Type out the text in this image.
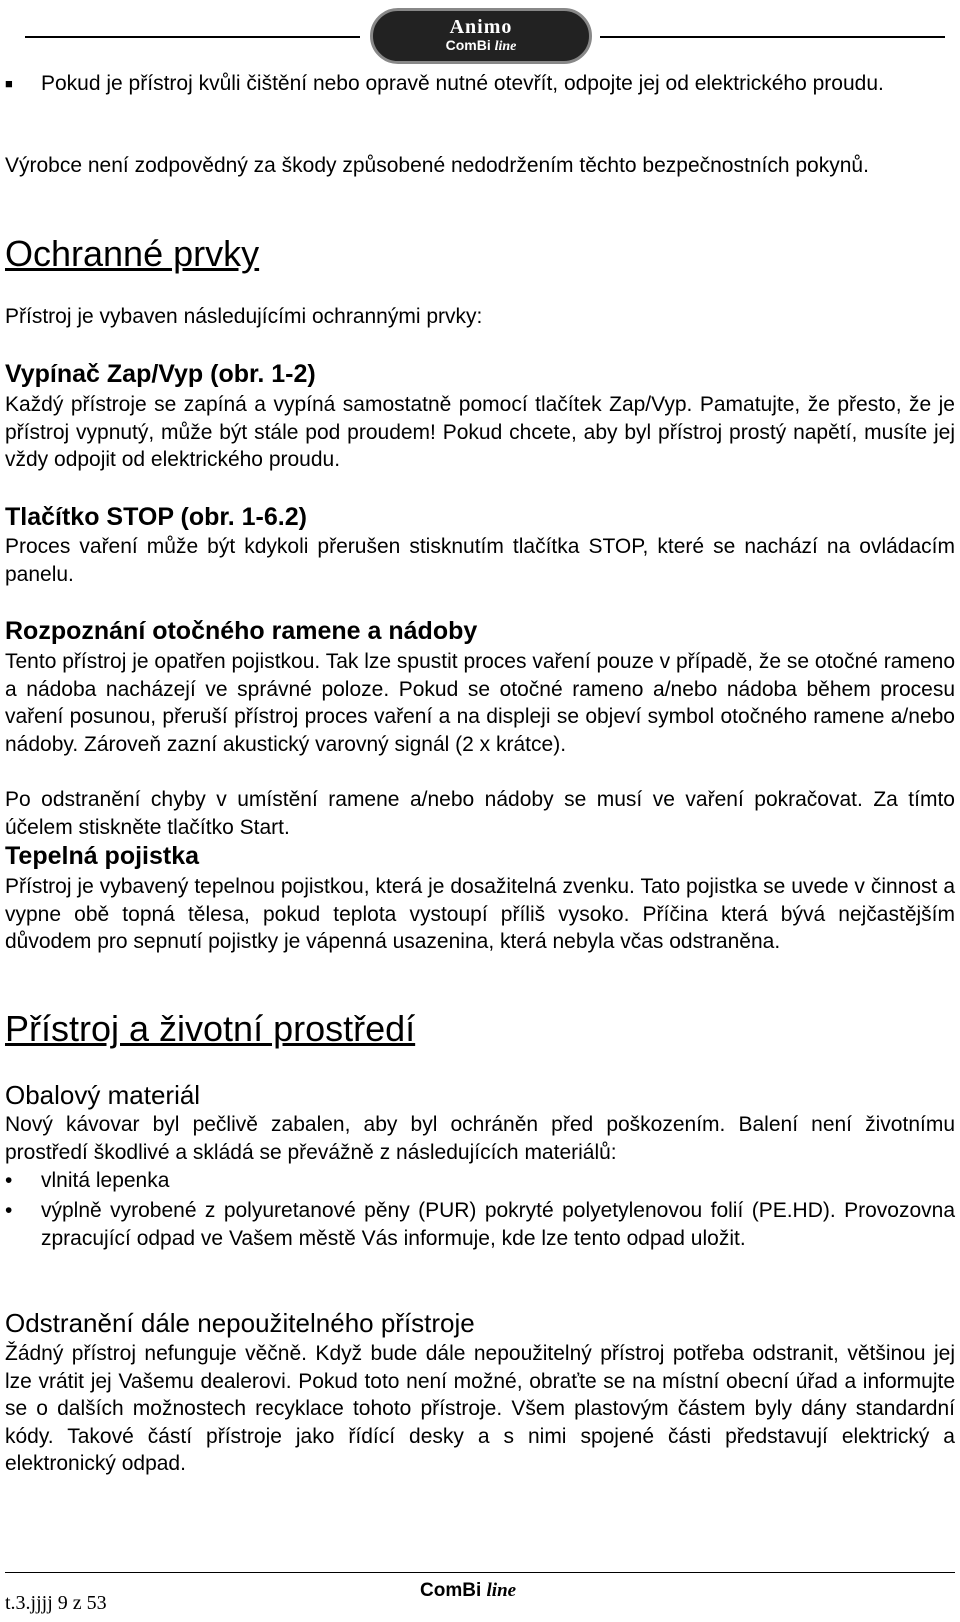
Animo
ComBi line
■ Pokud je přístroj kvůli čištění nebo opravě nutné otevřít, odpojte jej od elektrického proudu.

Výrobce není zodpovědný za škody způsobené nedodržením těchto bezpečnostních pokynů.

Ochranné prvky

Přístroj je vybaven následujícími ochrannými prvky:

Vypínač Zap/Vyp (obr. 1-2)

Každý přístroje se zapíná a vypíná samostatně pomocí tlačítek Zap/Vyp. Pamatujte, že přesto, že je přístroj vypnutý, může být stále pod proudem! Pokud chcete, aby byl přístroj prostý napětí, musíte jej vždy odpojit od elektrického proudu.

Tlačítko STOP (obr. 1-6.2)

Proces vaření může být kdykoli přerušen stisknutím tlačítka STOP, které se nachází na ovládacím panelu.

Rozpoznání otočného ramene a nádoby

Tento přístroj je opatřen pojistkou. Tak lze spustit proces vaření pouze v případě, že se otočné rameno a nádoba nacházejí ve správné poloze. Pokud se otočné rameno a/nebo nádoba během procesu vaření posunou, přeruší přístroj proces vaření a na displeji se objeví symbol otočného ramene a/nebo nádoby. Zároveň zazní akustický varovný signál (2 x krátce).

Po odstranění chyby v umístění ramene a/nebo nádoby se musí ve vaření pokračovat. Za tímto účelem stiskněte tlačítko Start.

Tepelná pojistka

Přístroj je vybavený tepelnou pojistkou, která je dosažitelná zvenku. Tato pojistka se uvede v činnost a vypne obě topná tělesa, pokud teplota vystoupí příliš vysoko. Příčina která bývá nejčastějším důvodem pro sepnutí pojistky je vápenná usazenina, která nebyla včas odstraněna.

Přístroj a životní prostředí
Obalový materiál

Nový kávovar byl pečlivě zabalen, aby byl ochráněn před poškozením. Balení není životnímu prostředí škodlivé a skládá se převážně z následujících materiálů:

• vlnitá lepenka
• výplně vyrobené z polyuretanové pěny (PUR) pokryté polyetylenovou folií (PE.HD). Provozovna zpracující odpad ve Vašem městě Vás informuje, kde lze tento odpad uložit.
Odstranění dále nepoužitelného přístroje

Žádný přístroj nefunguje věčně. Když bude dále nepoužitelný přístroj potřeba odstranit, většinou jej lze vrátit jej Vašemu dealerovi. Pokud toto není možné, obraťte se na místní obecní úřad a informujte se o dalších možnostech recyklace tohoto přístroje. Všem plastovým částem byly dány standardní kódy. Takové částí přístroje jako řídící desky a s nimi spojené části představují elektrický a elektronický odpad.

t.3.jjjj 9 z 53
ComBi line
